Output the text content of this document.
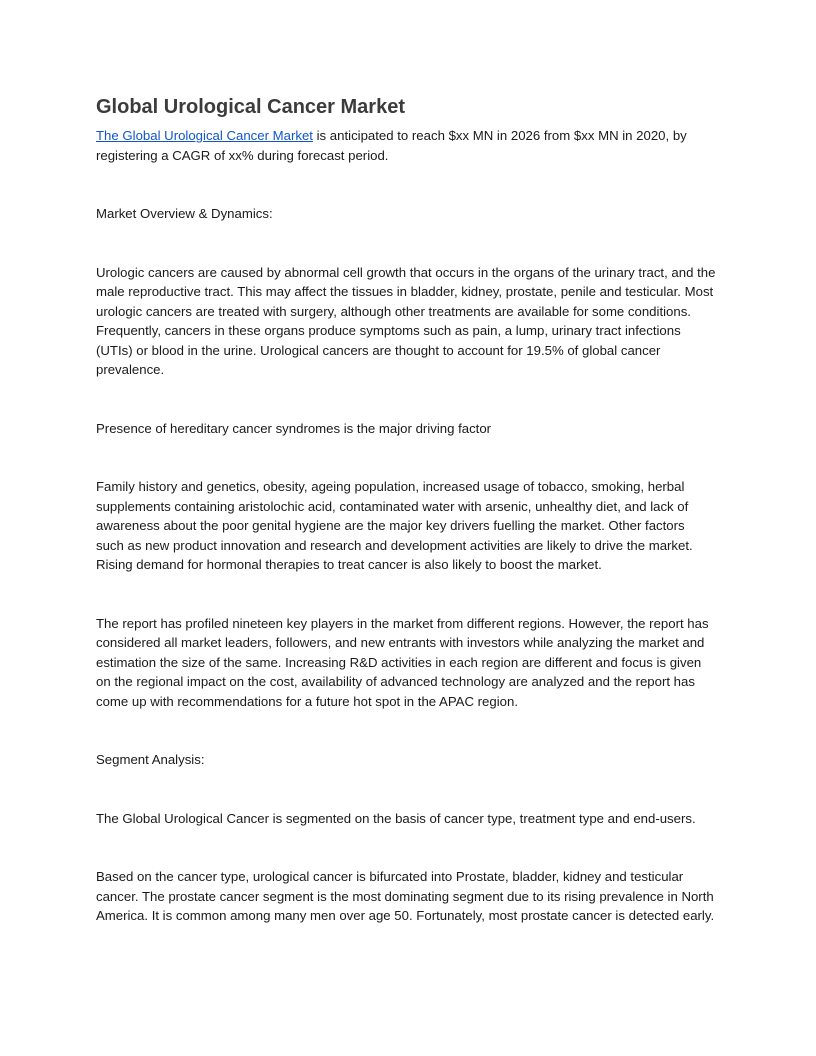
Global Urological Cancer Market

The Global Urological Cancer Market is anticipated to reach $xx MN in 2026 from $xx MN in 2020, by registering a CAGR of xx% during forecast period.

Market Overview & Dynamics:

Urologic cancers are caused by abnormal cell growth that occurs in the organs of the urinary tract, and the male reproductive tract. This may affect the tissues in bladder, kidney, prostate, penile and testicular. Most urologic cancers are treated with surgery, although other treatments are available for some conditions. Frequently, cancers in these organs produce symptoms such as pain, a lump, urinary tract infections (UTIs) or blood in the urine. Urological cancers are thought to account for 19.5% of global cancer prevalence.

Presence of hereditary cancer syndromes is the major driving factor

Family history and genetics, obesity, ageing population, increased usage of tobacco, smoking, herbal supplements containing aristolochic acid, contaminated water with arsenic, unhealthy diet, and lack of awareness about the poor genital hygiene are the major key drivers fuelling the market. Other factors such as new product innovation and research and development activities are likely to drive the market. Rising demand for hormonal therapies to treat cancer is also likely to boost the market.

The report has profiled nineteen key players in the market from different regions. However, the report has considered all market leaders, followers, and new entrants with investors while analyzing the market and estimation the size of the same. Increasing R&D activities in each region are different and focus is given on the regional impact on the cost, availability of advanced technology are analyzed and the report has come up with recommendations for a future hot spot in the APAC region.

Segment Analysis:

The Global Urological Cancer is segmented on the basis of cancer type, treatment type and end-users.

Based on the cancer type, urological cancer is bifurcated into Prostate, bladder, kidney and testicular cancer. The prostate cancer segment is the most dominating segment due to its rising prevalence in North America. It is common among many men over age 50. Fortunately, most prostate cancer is detected early.
